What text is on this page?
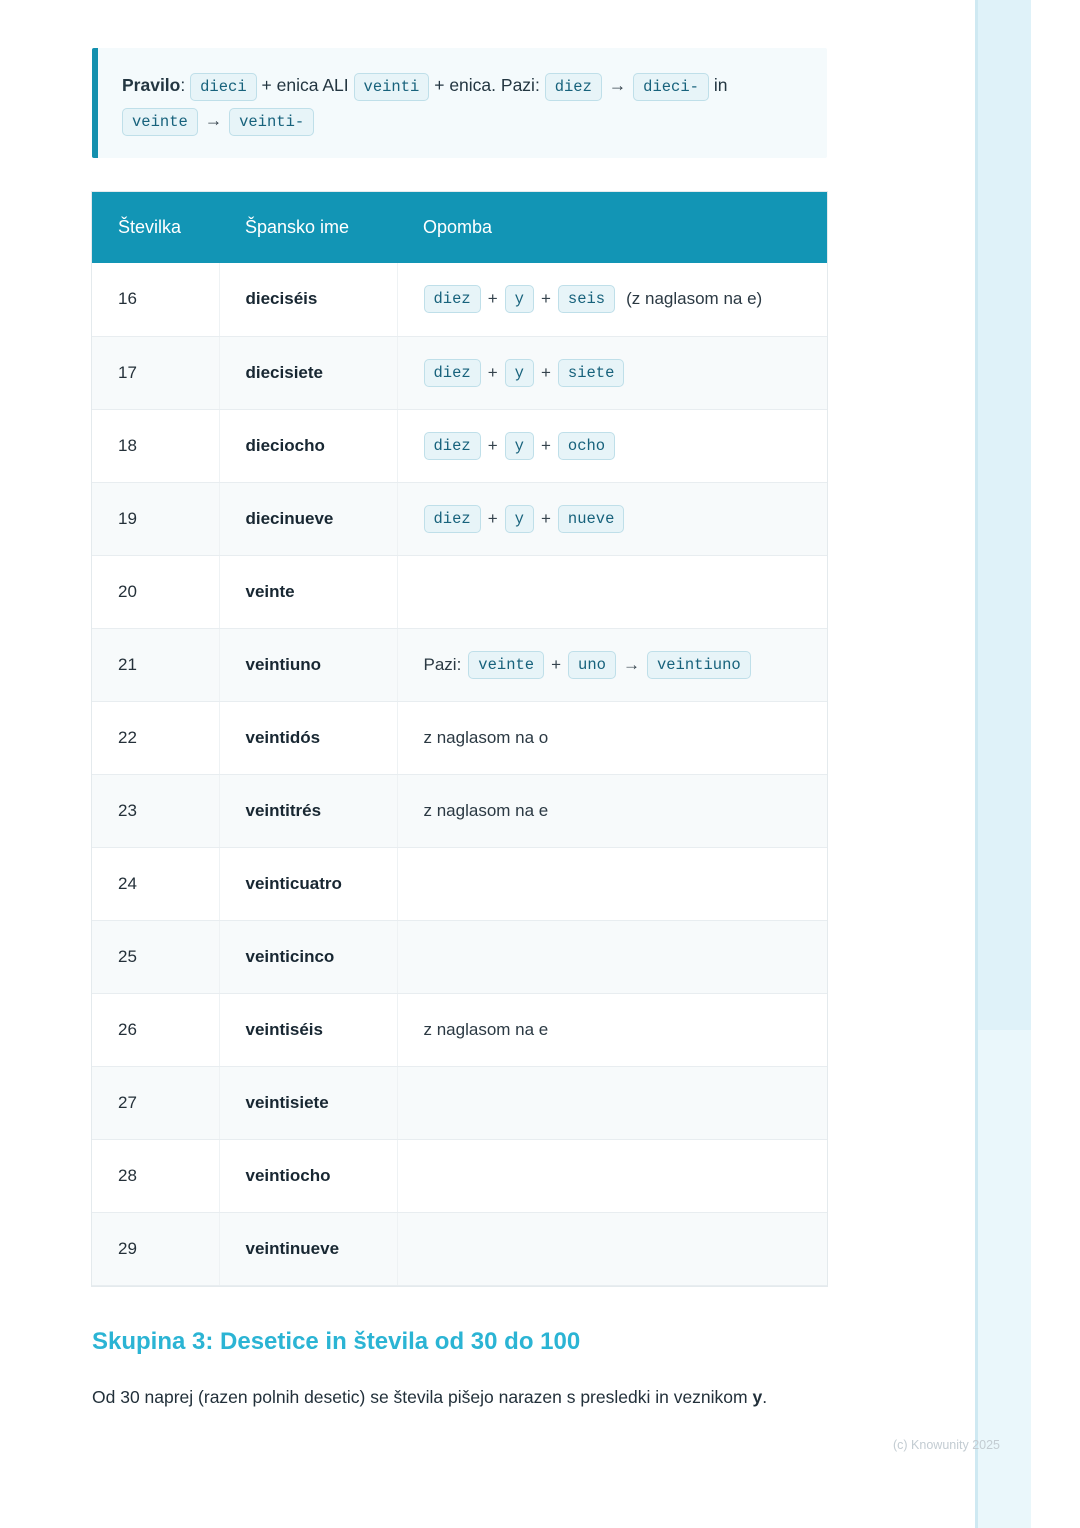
Pravilo: dieci + enica ALI veinti + enica. Pazi: diez → dieci- in veinte → veinti-
Številka	Špansko ime	Opomba
16	dieciséis	diez	+	y	+	seis	(z naglasom na e)

17	diecisiete	diez + y + siete

18	dieciocho	diez + y + ocho

19	diecinueve	diez + y + nueve

20	veinte	
21	veintiuno	Pazi:	veinte	+	uno	→	veintiuno

22	veintidós	z naglasom na o
23	veintitrés	z naglasom na e
24	veinticuatro	
25	veinticinco	
26	veintiséis	z naglasom na e
27	veintisiete	
28	veintiocho	
29	veintinueve	
Skupina 3: Desetice in števila od 30 do 100

Od 30 naprej (razen polnih desetic) se števila pišejo narazen s presledki in veznikom y.

(c) Knowunity 2025
